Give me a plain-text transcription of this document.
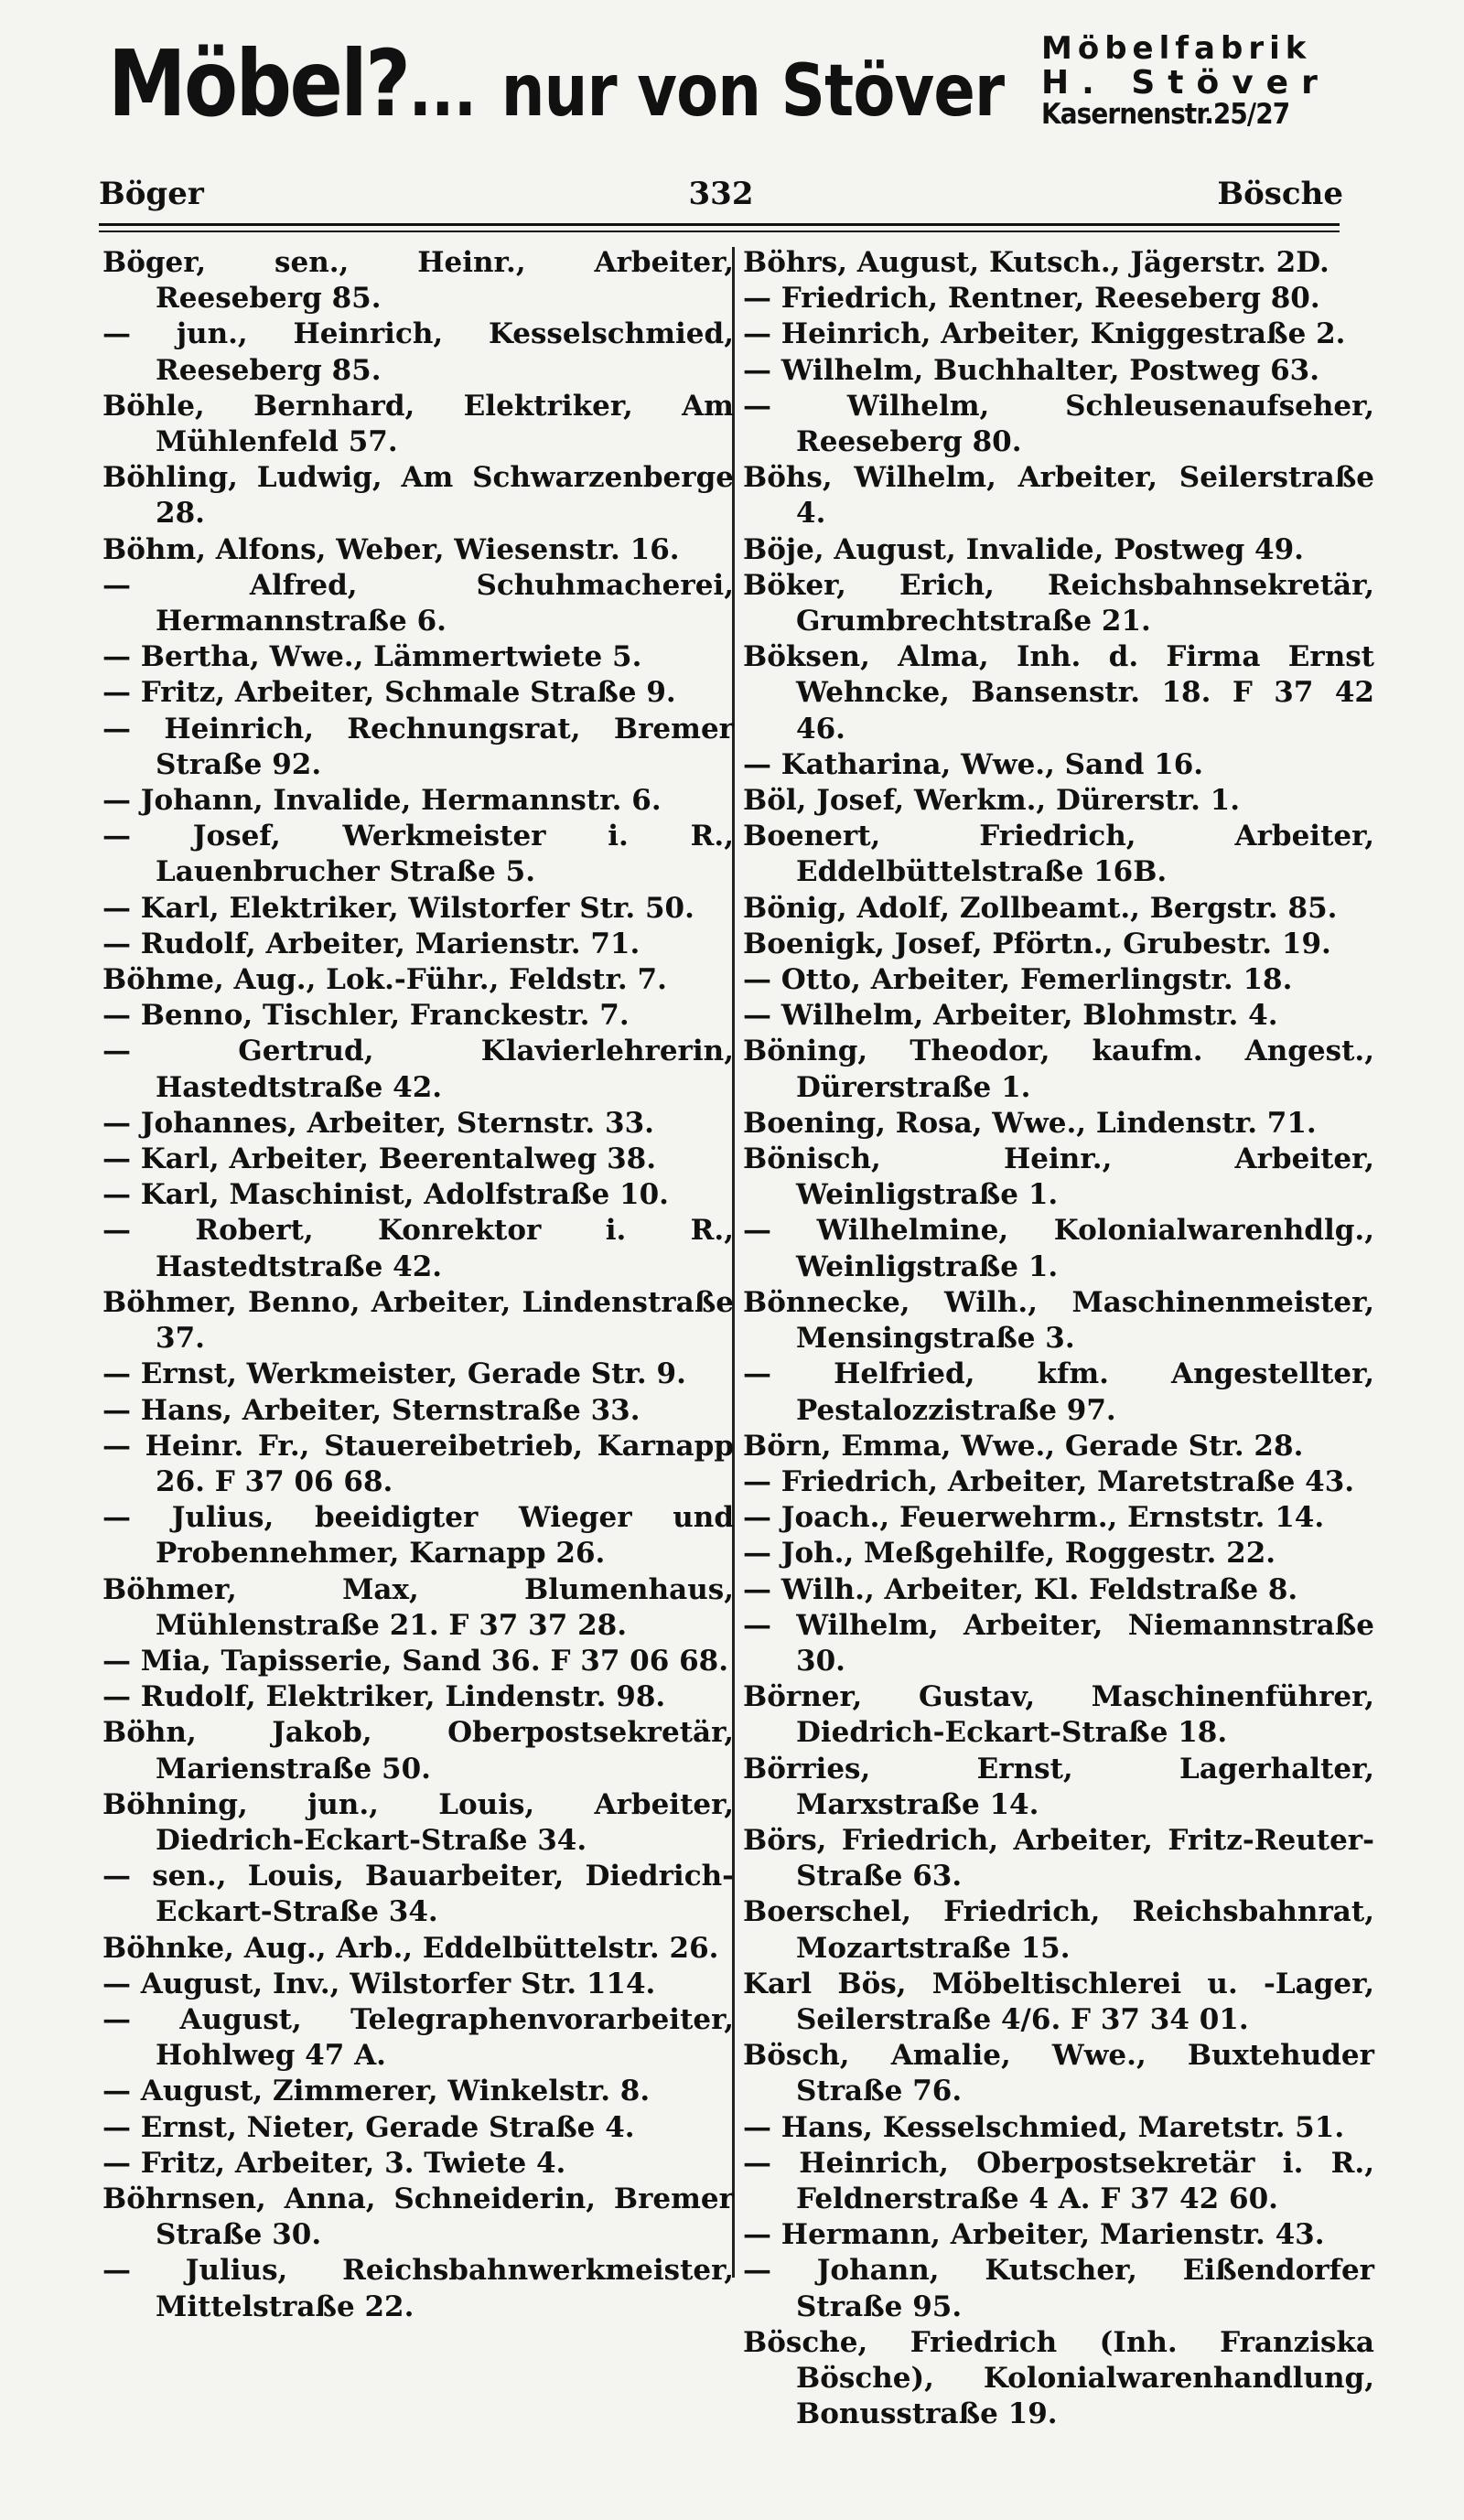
Möbel?... nur von Stöver
Möbelfabrik
H. Stöver
Kasernenstr.25/27
Böger	332	Bösche
Böger, sen., Heinr., Arbeiter, Reeseberg 85.
— jun., Heinrich, Kesselschmied, Reeseberg 85.
Böhle, Bernhard, Elektriker, Am Mühlenfeld 57.
Böhling, Ludwig, Am Schwarzenberge 28.
Böhm, Alfons, Weber, Wiesenstr. 16.
— Alfred, Schuhmacherei, Hermannstraße 6.
— Bertha, Wwe., Lämmertwiete 5.
— Fritz, Arbeiter, Schmale Straße 9.
— Heinrich, Rechnungsrat, Bremer Straße 92.
— Johann, Invalide, Hermannstr. 6.
— Josef, Werkmeister i. R., Lauenbrucher Straße 5.
— Karl, Elektriker, Wilstorfer Str. 50.
— Rudolf, Arbeiter, Marienstr. 71.
Böhme, Aug., Lok.-Führ., Feldstr. 7.
— Benno, Tischler, Franckestr. 7.
— Gertrud, Klavierlehrerin, Hastedtstraße 42.
— Johannes, Arbeiter, Sternstr. 33.
— Karl, Arbeiter, Beerentalweg 38.
— Karl, Maschinist, Adolfstraße 10.
— Robert, Konrektor i. R., Hastedtstraße 42.
Böhmer, Benno, Arbeiter, Lindenstraße 37.
— Ernst, Werkmeister, Gerade Str. 9.
— Hans, Arbeiter, Sternstraße 33.
— Heinr. Fr., Stauereibetrieb, Karnapp 26. F 37 06 68.
— Julius, beeidigter Wieger und Probennehmer, Karnapp 26.
Böhmer, Max, Blumenhaus, Mühlenstraße 21. F 37 37 28.
— Mia, Tapisserie, Sand 36. F 37 06 68.
— Rudolf, Elektriker, Lindenstr. 98.
Böhn, Jakob, Oberpostsekretär, Marienstraße 50.
Böhning, jun., Louis, Arbeiter, Diedrich-Eckart-Straße 34.
— sen., Louis, Bauarbeiter, Diedrich-Eckart-Straße 34.
Böhnke, Aug., Arb., Eddelbüttelstr. 26.
— August, Inv., Wilstorfer Str. 114.
— August, Telegraphenvorarbeiter, Hohlweg 47 A.
— August, Zimmerer, Winkelstr. 8.
— Ernst, Nieter, Gerade Straße 4.
— Fritz, Arbeiter, 3. Twiete 4.
Böhrnsen, Anna, Schneiderin, Bremer Straße 30.
— Julius, Reichsbahnwerkmeister, Mittelstraße 22.
Böhrs, August, Kutsch., Jägerstr. 2D.
— Friedrich, Rentner, Reeseberg 80.
— Heinrich, Arbeiter, Kniggestraße 2.
— Wilhelm, Buchhalter, Postweg 63.
— Wilhelm, Schleusenaufseher, Reeseberg 80.
Böhs, Wilhelm, Arbeiter, Seilerstraße 4.
Böje, August, Invalide, Postweg 49.
Böker, Erich, Reichsbahnsekretär, Grumbrechtstraße 21.
Böksen, Alma, Inh. d. Firma Ernst Wehncke, Bansenstr. 18. F 37 42 46.
— Katharina, Wwe., Sand 16.
Böl, Josef, Werkm., Dürerstr. 1.
Boenert, Friedrich, Arbeiter, Eddelbüttelstraße 16B.
Bönig, Adolf, Zollbeamt., Bergstr. 85.
Boenigk, Josef, Pförtn., Grubestr. 19.
— Otto, Arbeiter, Femerlingstr. 18.
— Wilhelm, Arbeiter, Blohmstr. 4.
Böning, Theodor, kaufm. Angest., Dürerstraße 1.
Boening, Rosa, Wwe., Lindenstr. 71.
Bönisch, Heinr., Arbeiter, Weinligstraße 1.
— Wilhelmine, Kolonialwarenhdlg., Weinligstraße 1.
Bönnecke, Wilh., Maschinenmeister, Mensingstraße 3.
— Helfried, kfm. Angestellter, Pestalozzistraße 97.
Börn, Emma, Wwe., Gerade Str. 28.
— Friedrich, Arbeiter, Maretstraße 43.
— Joach., Feuerwehrm., Ernststr. 14.
— Joh., Meßgehilfe, Roggestr. 22.
— Wilh., Arbeiter, Kl. Feldstraße 8.
— Wilhelm, Arbeiter, Niemannstraße 30.
Börner, Gustav, Maschinenführer, Diedrich-Eckart-Straße 18.
Börries, Ernst, Lagerhalter, Marxstraße 14.
Börs, Friedrich, Arbeiter, Fritz-Reuter-Straße 63.
Boerschel, Friedrich, Reichsbahnrat, Mozartstraße 15.
Karl Bös, Möbeltischlerei u. -Lager, Seilerstraße 4/6. F 37 34 01.
Bösch, Amalie, Wwe., Buxtehuder Straße 76.
— Hans, Kesselschmied, Maretstr. 51.
— Heinrich, Oberpostsekretär i. R., Feldnerstraße 4 A. F 37 42 60.
— Hermann, Arbeiter, Marienstr. 43.
— Johann, Kutscher, Eißendorfer Straße 95.
Bösche, Friedrich (Inh. Franziska Bösche), Kolonialwarenhandlung, Bonusstraße 19.
